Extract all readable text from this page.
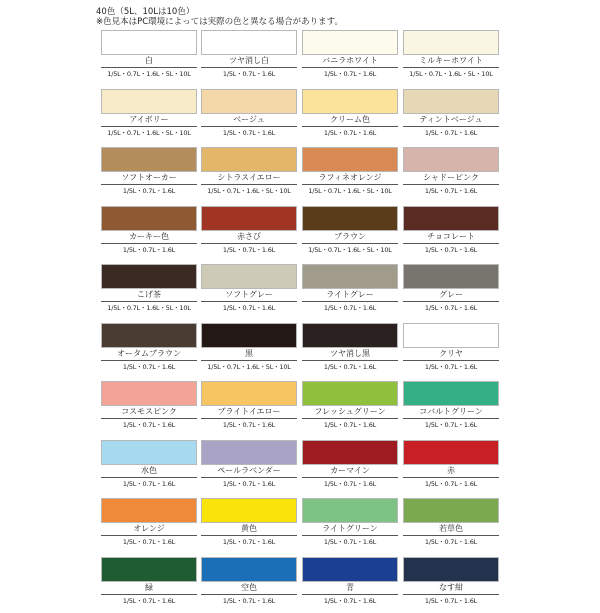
40色（5L、10Lは10色）
※色見本はPC環境によっては実際の色と異なる場合があります。
白
1/5L・0.7L・1.6L・5L・10L
ツヤ消し白
1/5L・0.7L・1.6L
バニラホワイト
1/5L・0.7L・1.6L
ミルキーホワイト
1/5L・0.7L・1.6L・5L・10L
アイボリー
1/5L・0.7L・1.6L・5L・10L
ベージュ
1/5L・0.7L・1.6L
クリーム色
1/5L・0.7L・1.6L
ティントベージュ
1/5L・0.7L・1.6L
ソフトオーカー
1/5L・0.7L・1.6L
シトラスイエロー
1/5L・0.7L・1.6L・5L・10L
ラフィネオレンジ
1/5L・0.7L・1.6L・5L・10L
シャドーピンク
1/5L・0.7L・1.6L
カーキー色
1/5L・0.7L・1.6L
赤さび
1/5L・0.7L・1.6L
ブラウン
1/5L・0.7L・1.6L・5L・10L
チョコレート
1/5L・0.7L・1.6L
こげ茶
1/5L・0.7L・1.6L・5L・10L
ソフトグレー
1/5L・0.7L・1.6L
ライトグレー
1/5L・0.7L・1.6L
グレー
1/5L・0.7L・1.6L
オータムブラウン
1/5L・0.7L・1.6L
黒
1/5L・0.7L・1.6L・5L・10L
ツヤ消し黒
1/5L・0.7L・1.6L
クリヤ
1/5L・0.7L・1.6L
コスモスピンク
1/5L・0.7L・1.6L
ブライトイエロー
1/5L・0.7L・1.6L
フレッシュグリーン
1/5L・0.7L・1.6L
コバルトグリーン
1/5L・0.7L・1.6L
水色
1/5L・0.7L・1.6L
ペールラベンダー
1/5L・0.7L・1.6L
カーマイン
1/5L・0.7L・1.6L
赤
1/5L・0.7L・1.6L
オレンジ
1/5L・0.7L・1.6L
黄色
1/5L・0.7L・1.6L
ライトグリーン
1/5L・0.7L・1.6L
若草色
1/5L・0.7L・1.6L
緑
1/5L・0.7L・1.6L
空色
1/5L・0.7L・1.6L
青
1/5L・0.7L・1.6L
なす紺
1/5L・0.7L・1.6L
